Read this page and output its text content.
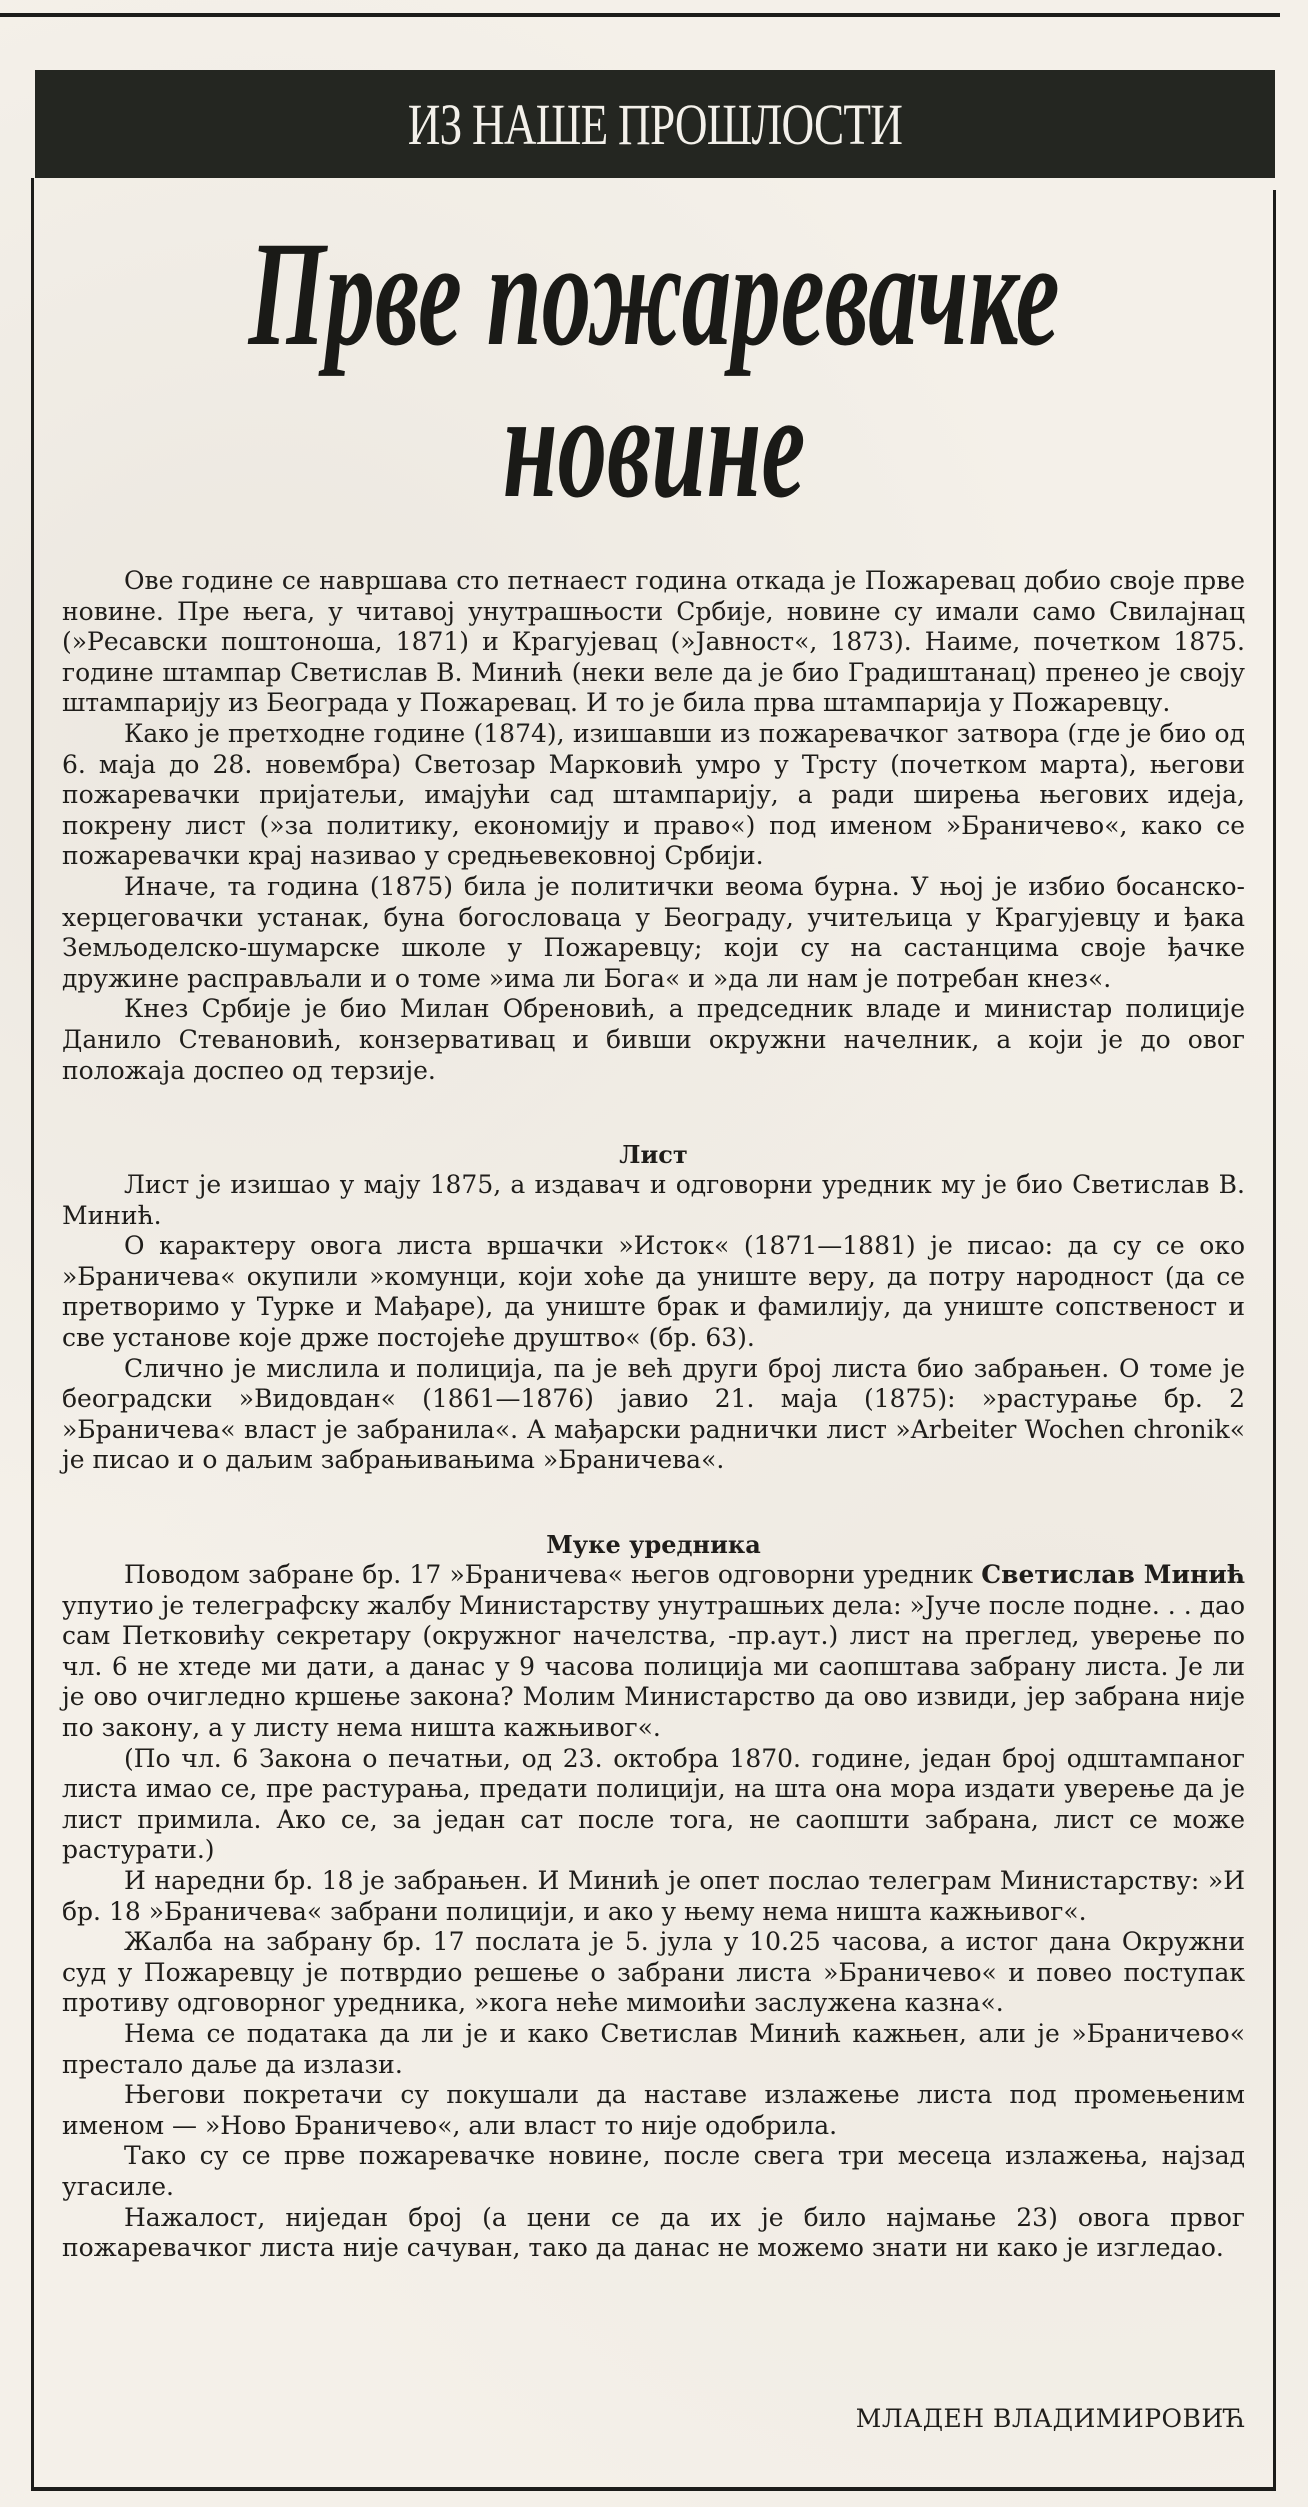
ИЗ НАШЕ ПРОШЛОСТИ
Прве пожаревачке
новине

Ове године се навршава сто петнаест година откада је Пожаревац добио своје прве новине. Пре њега, у читавој унутрашњости Србије, новине су имали само Свилајнац (»Ресавски поштоноша, 1871) и Крагујевац (»Јавност«, 1873). Наиме, почетком 1875. године штампар Светислав В. Минић (неки веле да је био Градиштанац) пренео је своју штампарију из Београда у Пожаревац. И то је била прва штампарија у Пожаревцу.

Како је претходне године (1874), изишавши из пожаревачког затвора (где је био од 6. маја до 28. новембра) Светозар Марковић умро у Трсту (почетком марта), његови пожаревачки пријатељи, имајући сад штампарију, а ради ширења његових идеја, покрену лист (»за политику, економију и право«) под именом »Браничево«, како се пожаревачки крај називао у средњевековној Србији.

Иначе, та година (1875) била је политички веома бурна. У њој је избио босанско-херцеговачки устанак, буна богословаца у Београду, учитељица у Крагујевцу и ђака Земљоделско-шумарске школе у Пожаревцу; који су на састанцима своје ђачке дружине расправљали и о томе »има ли Бога« и »да ли нам је потребан кнез«.

Кнез Србије је био Милан Обреновић, а председник владе и министар полиције Данило Стевановић, конзервативац и бивши окружни начелник, а који је до овог положаја доспео од терзије.

Лист

Лист је изишао у мају 1875, а издавач и одговорни уредник му је био Светислав В. Минић.

О карактеру овога листа вршачки »Исток« (1871—1881) је писао: да су се око »Браничева« окупили »комунци, који хоће да униште веру, да потру народност (да се претворимо у Турке и Мађаре), да униште брак и фамилију, да униште сопственост и све установе које држе постојеће друштво« (бр. 63).

Слично је мислила и полиција, па је већ други број листа био забрањен. О томе је београдски »Видовдан« (1861—1876) јавио 21. маја (1875): »растурање бр. 2 »Браничева« власт је забранила«. А мађарски раднички лист »Arbeiter Wochen chronik« је писао и о даљим забрањивањима »Браничева«.

Муке уредника

Поводом забране бр. 17 »Браничева« његов одговорни уредник Светислав Минић упутио је телеграфску жалбу Министарству унутрашњих дела: »Јуче после подне. . . дао сам Петковићу секретару (окружног начелства, -пр.аут.) лист на преглед, уверење по чл. 6 не хтеде ми дати, а данас у 9 часова полиција ми саопштава забрану листа. Је ли је ово очигледно кршење закона? Молим Министарство да ово извиди, јер забрана није по закону, а у листу нема ништа кажњивог«.

(По чл. 6 Закона о печатњи, од 23. октобра 1870. године, један број одштампаног листа имао се, пре растурања, предати полицији, на шта она мора издати уверење да је лист примила. Ако се, за један сат после тога, не саопшти забрана, лист се може растурати.)

И наредни бр. 18 је забрањен. И Минић је опет послао телеграм Министарству: »И бр. 18 »Браничева« забрани полицији, и ако у њему нема ништа кажњивог«.

Жалба на забрану бр. 17 послата је 5. јула у 10.25 часова, а истог дана Окружни суд у Пожаревцу је потврдио решење о забрани листа »Браничево« и повео поступак противу одговорног уредника, »кога неће мимоићи заслужена казна«.

Нема се података да ли је и како Светислав Минић кажњен, али је »Браничево« престало даље да излази.

Његови покретачи су покушали да наставе излажење листа под промењеним именом — »Ново Браничево«, али власт то није одобрила.

Тако су се прве пожаревачке новине, после свега три месеца излажења, најзад угасиле.

Нажалост, ниједан број (а цени се да их је било најмање 23) овога првог пожаревачког листа није сачуван, тако да данас не можемо знати ни како је изгледао.

МЛАДЕН ВЛАДИМИРОВИЋ
